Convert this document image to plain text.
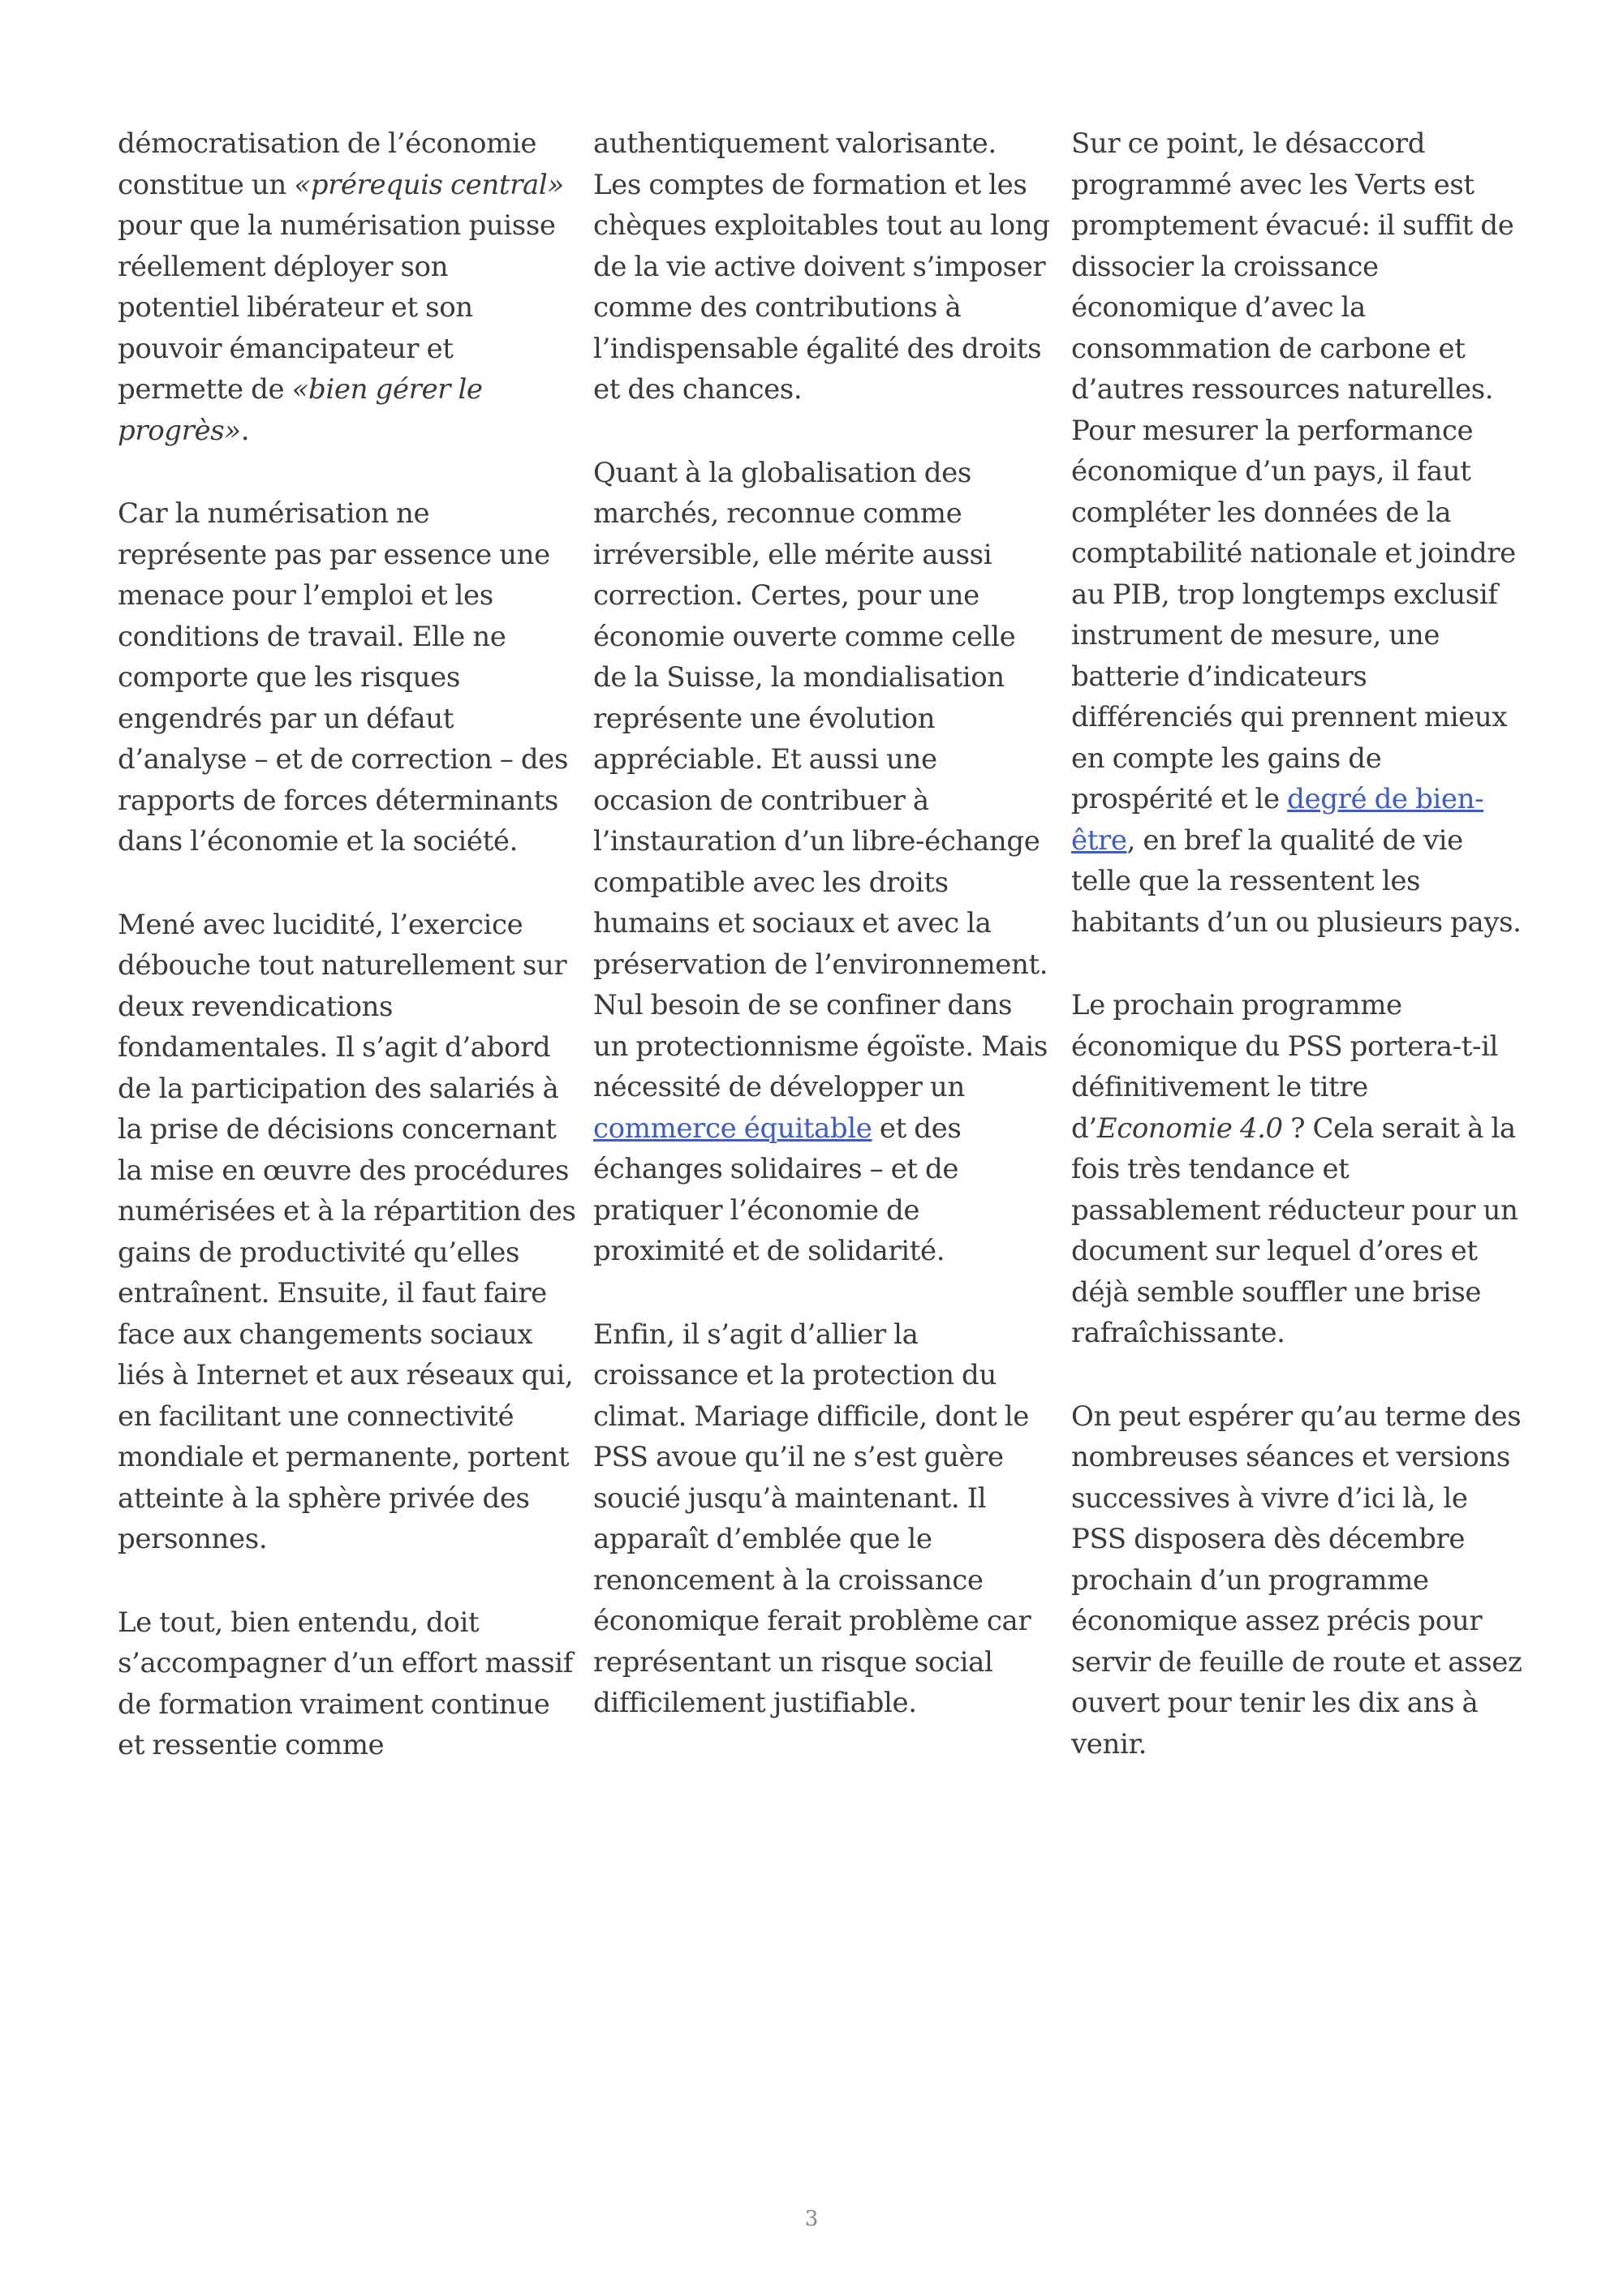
démocratisation de l’économie constitue un «prérequis central» pour que la numérisation puisse réellement déployer son potentiel libérateur et son pouvoir émancipateur et permette de «bien gérer le progrès».

Car la numérisation ne représente pas par essence une menace pour l’emploi et les conditions de travail. Elle ne comporte que les risques engendrés par un défaut d’analyse – et de correction – des rapports de forces déterminants dans l’économie et la société.

Mené avec lucidité, l’exercice débouche tout naturellement sur deux revendications fondamentales. Il s’agit d’abord de la participation des salariés à la prise de décisions concernant la mise en œuvre des procédures numérisées et à la répartition des gains de productivité qu’elles entraînent. Ensuite, il faut faire face aux changements sociaux liés à Internet et aux réseaux qui, en facilitant une connectivité mondiale et permanente, portent atteinte à la sphère privée des personnes.

Le tout, bien entendu, doit s’accompagner d’un effort massif de formation vraiment continue et ressentie comme

authentiquement valorisante. Les comptes de formation et les chèques exploitables tout au long de la vie active doivent s’imposer comme des contributions à l’indispensable égalité des droits et des chances.

Quant à la globalisation des marchés, reconnue comme irréversible, elle mérite aussi correction. Certes, pour une économie ouverte comme celle de la Suisse, la mondialisation représente une évolution appréciable. Et aussi une occasion de contribuer à l’instauration d’un libre-échange compatible avec les droits humains et sociaux et avec la préservation de l’environnement. Nul besoin de se confiner dans un protectionnisme égoïste. Mais nécessité de développer un commerce équitable et des échanges solidaires – et de pratiquer l’économie de proximité et de solidarité.

Enfin, il s’agit d’allier la croissance et la protection du climat. Mariage difficile, dont le PSS avoue qu’il ne s’est guère soucié jusqu’à maintenant. Il apparaît d’emblée que le renoncement à la croissance économique ferait problème car représentant un risque social difficilement justifiable.

Sur ce point, le désaccord programmé avec les Verts est promptement évacué: il suffit de dissocier la croissance économique d’avec la consommation de carbone et d’autres ressources naturelles. Pour mesurer la performance économique d’un pays, il faut compléter les données de la comptabilité nationale et joindre au PIB, trop longtemps exclusif instrument de mesure, une batterie d’indicateurs différenciés qui prennent mieux en compte les gains de prospérité et le degré de bien-être, en bref la qualité de vie telle que la ressentent les habitants d’un ou plusieurs pays.

Le prochain programme économique du PSS portera-t-il définitivement le titre d’Economie 4.0 ? Cela serait à la fois très tendance et passablement réducteur pour un document sur lequel d’ores et déjà semble souffler une brise rafraîchissante.

On peut espérer qu’au terme des nombreuses séances et versions successives à vivre d’ici là, le PSS disposera dès décembre prochain d’un programme économique assez précis pour servir de feuille de route et assez ouvert pour tenir les dix ans à venir.

3
